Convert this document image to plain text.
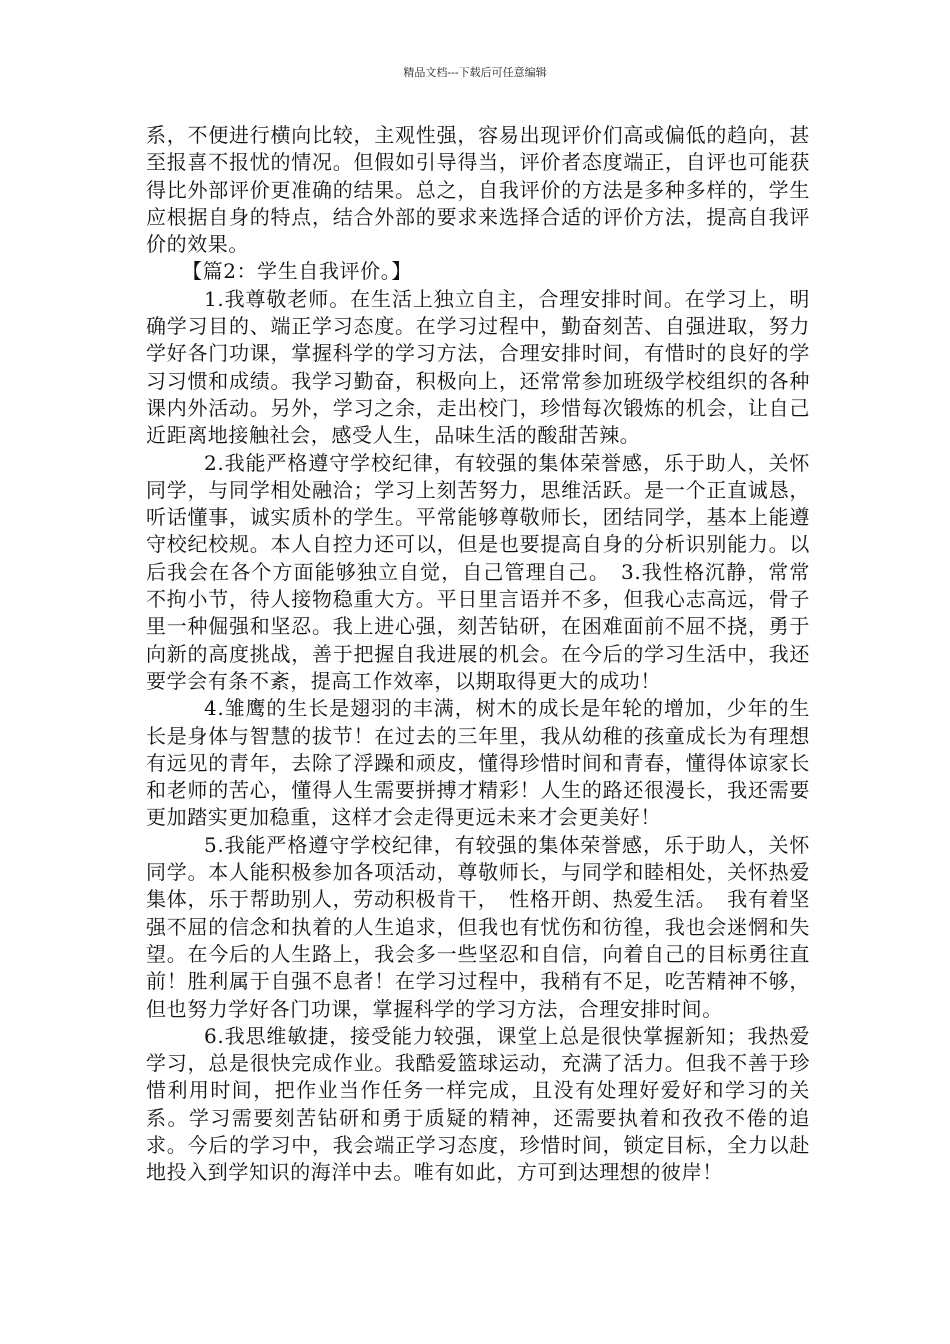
精品文档---下载后可任意编辑

系，不便进行横向比较，主观性强，容易出现评价们高或偏低的趋向，甚至报喜不报忧的情况。但假如引导得当，评价者态度端正，自评也可能获得比外部评价更准确的结果。总之，自我评价的方法是多种多样的，学生应根据自身的特点，结合外部的要求来选择合适的评价方法，提高自我评价的效果。

【篇2：学生自我评价。】

1.我尊敬老师。在生活上独立自主，合理安排时间。在学习上，明确学习目的、端正学习态度。在学习过程中，勤奋刻苦、自强进取，努力学好各门功课，掌握科学的学习方法，合理安排时间，有惜时的良好的学习习惯和成绩。我学习勤奋，积极向上，还常常参加班级学校组织的各种课内外活动。另外，学习之余，走出校门，珍惜每次锻炼的机会，让自己近距离地接触社会，感受人生，品味生活的酸甜苦辣。

2.我能严格遵守学校纪律，有较强的集体荣誉感，乐于助人，关怀同学，与同学相处融洽；学习上刻苦努力，思维活跃。是一个正直诚恳，听话懂事，诚实质朴的学生。平常能够尊敬师长，团结同学，基本上能遵守校纪校规。本人自控力还可以，但是也要提高自身的分析识别能力。以后我会在各个方面能够独立自觉，自己管理自己。　3.我性格沉静，常常不拘小节，待人接物稳重大方。平日里言语并不多，但我心志高远，骨子里一种倔强和坚忍。我上进心强，刻苦钻研，在困难面前不屈不挠，勇于向新的高度挑战，善于把握自我进展的机会。在今后的学习生活中，我还要学会有条不紊，提高工作效率，以期取得更大的成功！

4.雏鹰的生长是翅羽的丰满，树木的成长是年轮的增加，少年的生长是身体与智慧的拔节！在过去的三年里，我从幼稚的孩童成长为有理想有远见的青年，去除了浮躁和顽皮，懂得珍惜时间和青春，懂得体谅家长和老师的苦心，懂得人生需要拼搏才精彩！人生的路还很漫长，我还需要更加踏实更加稳重，这样才会走得更远未来才会更美好！

5.我能严格遵守学校纪律，有较强的集体荣誉感，乐于助人，关怀同学。本人能积极参加各项活动，尊敬师长，与同学和睦相处，关怀热爱集体，乐于帮助别人，劳动积极肯干，　性格开朗、热爱生活。　我有着坚强不屈的信念和执着的人生追求，但我也有忧伤和彷徨，我也会迷惘和失望。在今后的人生路上，我会多一些坚忍和自信，向着自己的目标勇往直前！胜利属于自强不息者！在学习过程中，我稍有不足，吃苦精神不够，但也努力学好各门功课，掌握科学的学习方法，合理安排时间。

6.我思维敏捷，接受能力较强，课堂上总是很快掌握新知；我热爱学习，总是很快完成作业。我酷爱篮球运动，充满了活力。但我不善于珍惜利用时间，把作业当作任务一样完成，且没有处理好爱好和学习的关系。学习需要刻苦钻研和勇于质疑的精神，还需要执着和孜孜不倦的追求。今后的学习中，我会端正学习态度，珍惜时间，锁定目标，全力以赴地投入到学知识的海洋中去。唯有如此，方可到达理想的彼岸！
